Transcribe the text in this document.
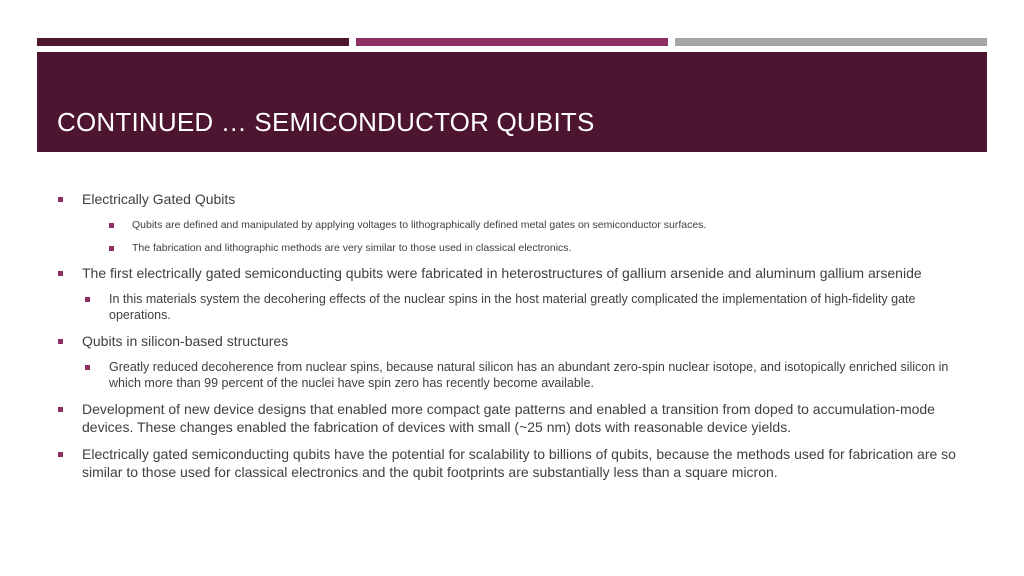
CONTINUED … SEMICONDUCTOR QUBITS
Electrically Gated Qubits
Qubits are defined and manipulated by applying voltages to lithographically defined metal gates on semiconductor surfaces.
The fabrication and lithographic methods are very similar to those used in classical electronics.
The first electrically gated semiconducting qubits were fabricated in heterostructures of gallium arsenide and aluminum gallium arsenide
In this materials system the decohering effects of the nuclear spins in the host material greatly complicated the implementation of high-fidelity gate operations.
Qubits in silicon-based structures
Greatly reduced decoherence from nuclear spins, because natural silicon has an abundant zero-spin nuclear isotope, and isotopically enriched silicon in which more than 99 percent of the nuclei have spin zero has recently become available.
Development of new device designs that enabled more compact gate patterns and enabled a transition from doped to accumulation-mode devices. These changes enabled the fabrication of devices with small (~25 nm) dots with reasonable device yields.
Electrically gated semiconducting qubits have the potential for scalability to billions of qubits, because the methods used for fabrication are so similar to those used for classical electronics and the qubit footprints are substantially less than a square micron.
